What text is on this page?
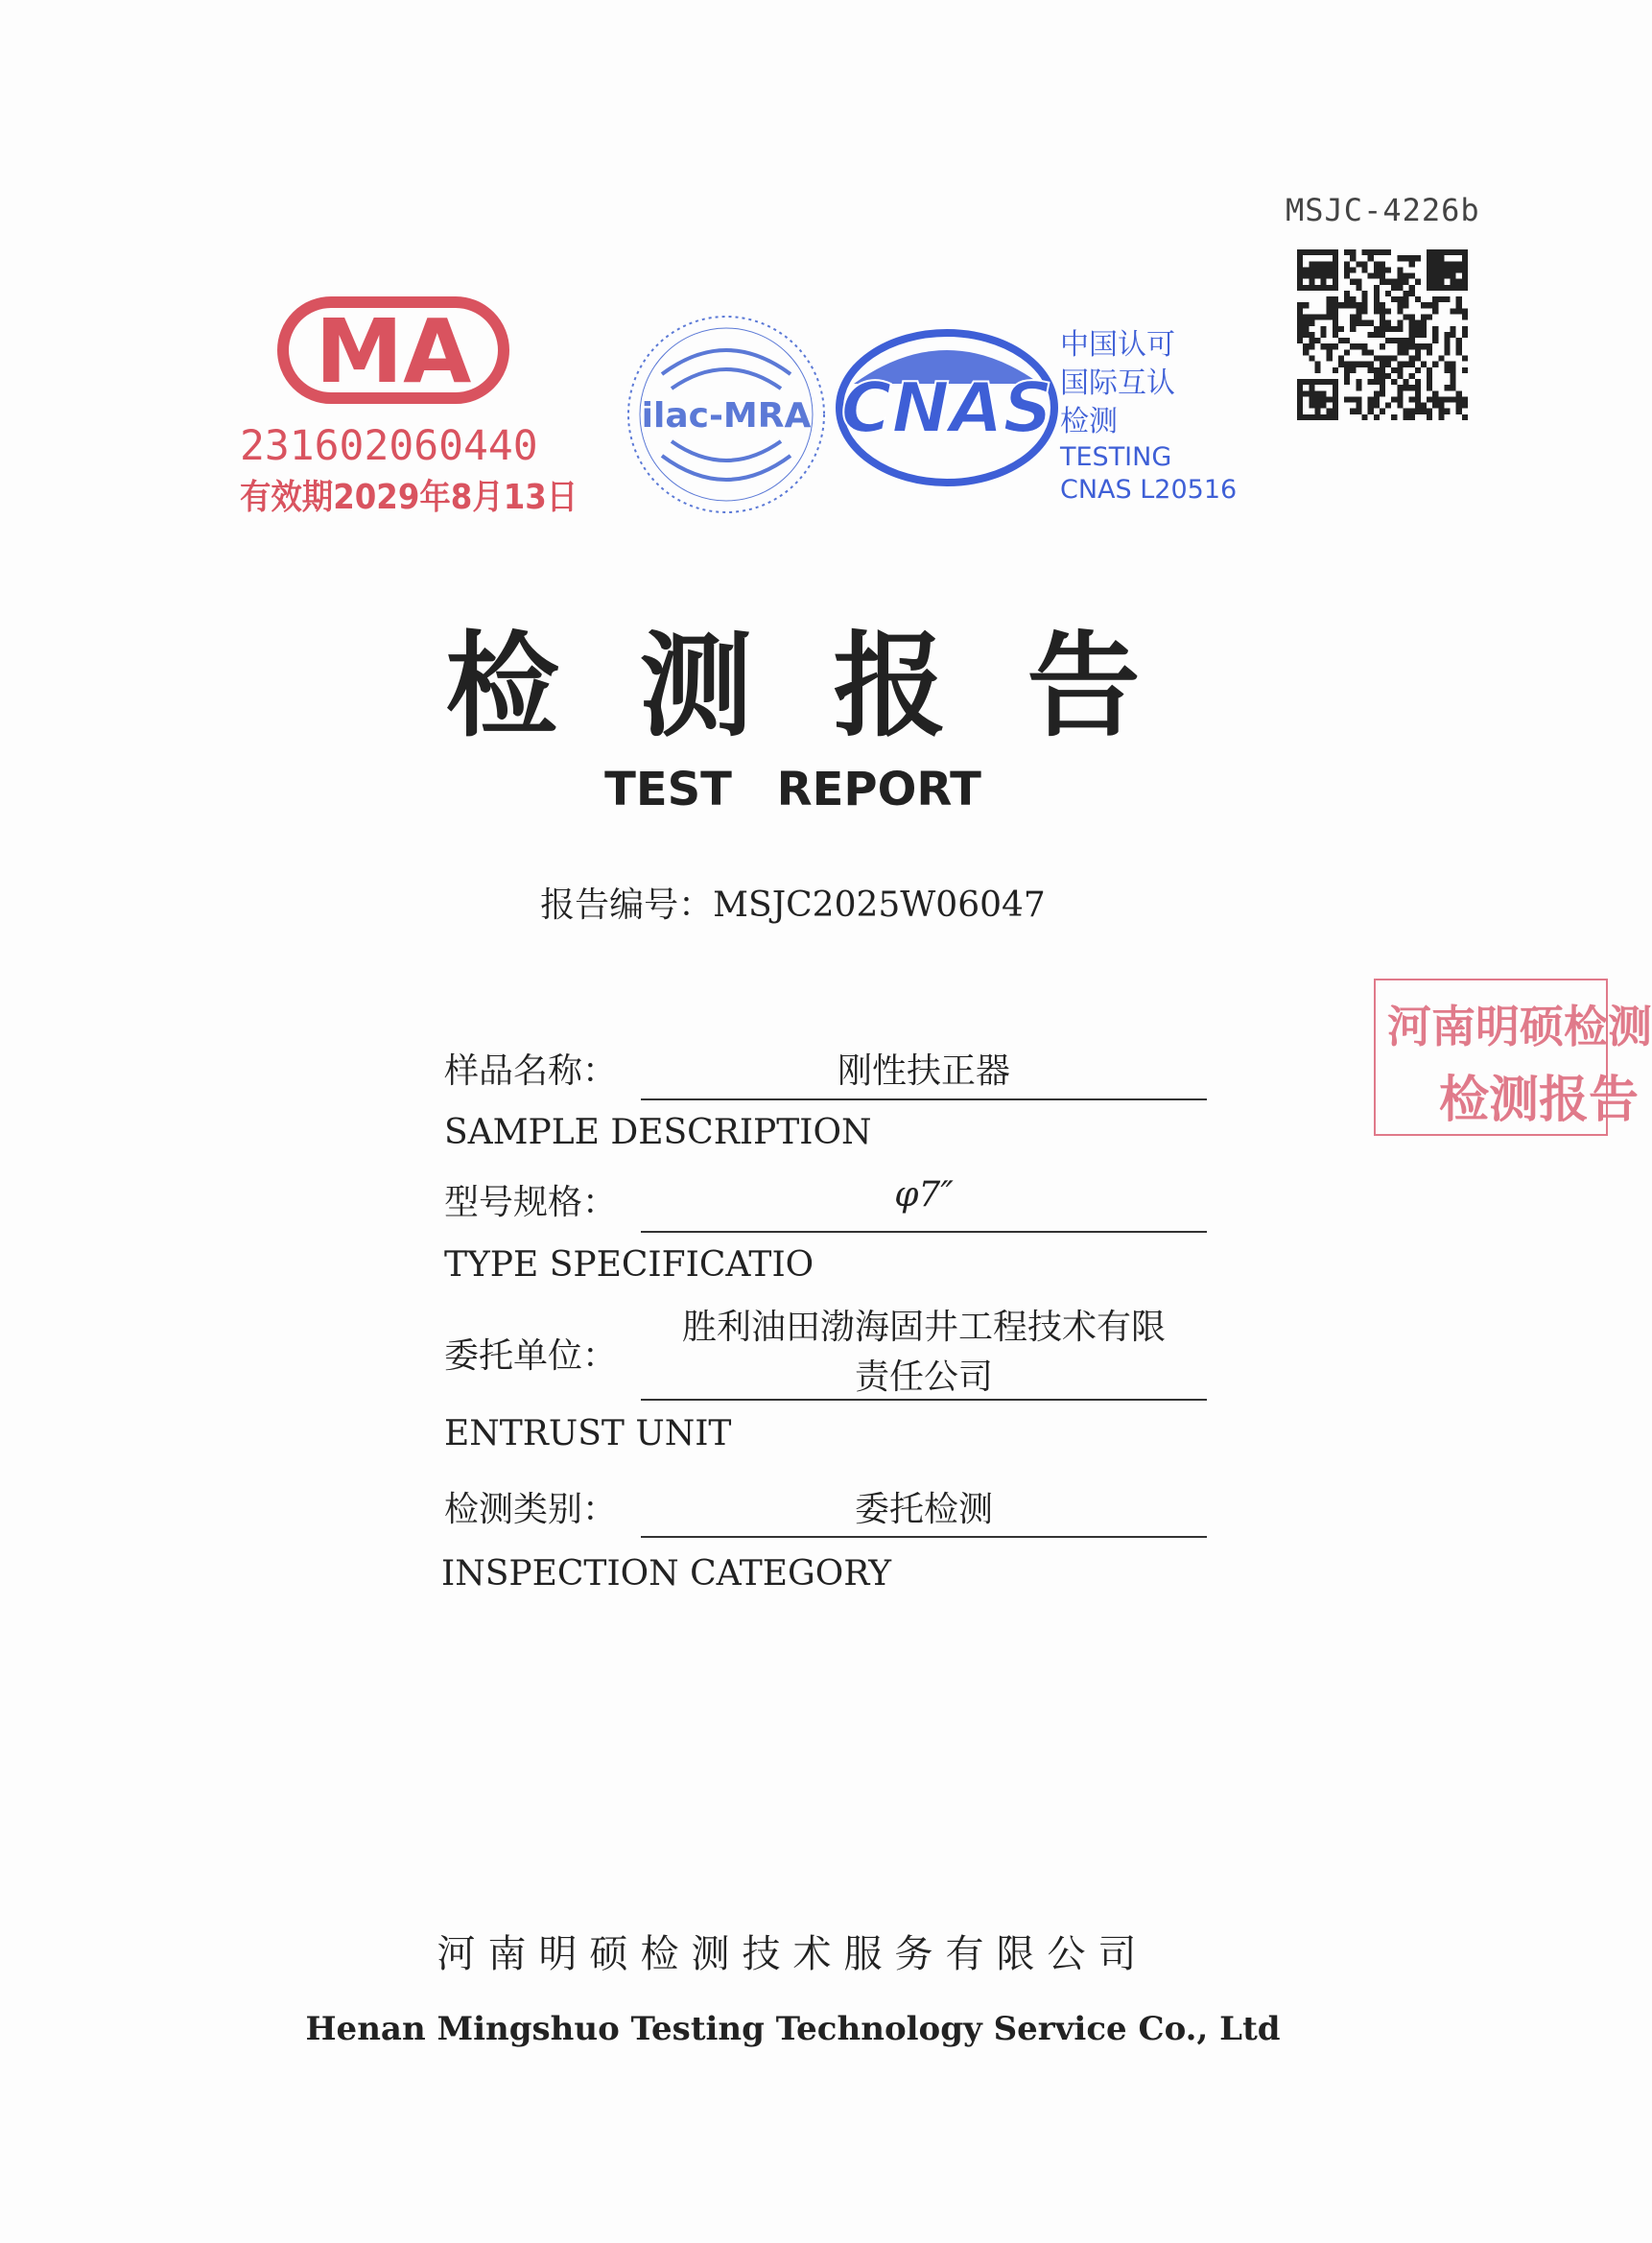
MSJC-4226b
MA
231602060440
有效期2029年8月13日
ilac-MRA CNAS
中国认可
国际互认
检测
TESTING
CNAS L20516
检测报告
TEST REPORT
报告编号：MSJC2025W06047
河南明硕检测
检测报告
样品名称：	刚性扶正器
SAMPLE DESCRIPTION
型号规格：	φ7″
TYPE SPECIFICATIO
委托单位：
胜利油田渤海固井工程技术有限
责任公司
ENTRUST UNIT
检测类别：	委托检测
INSPECTION CATEGORY
河南明硕检测技术服务有限公司
Henan Mingshuo Testing Technology Service Co., Ltd
